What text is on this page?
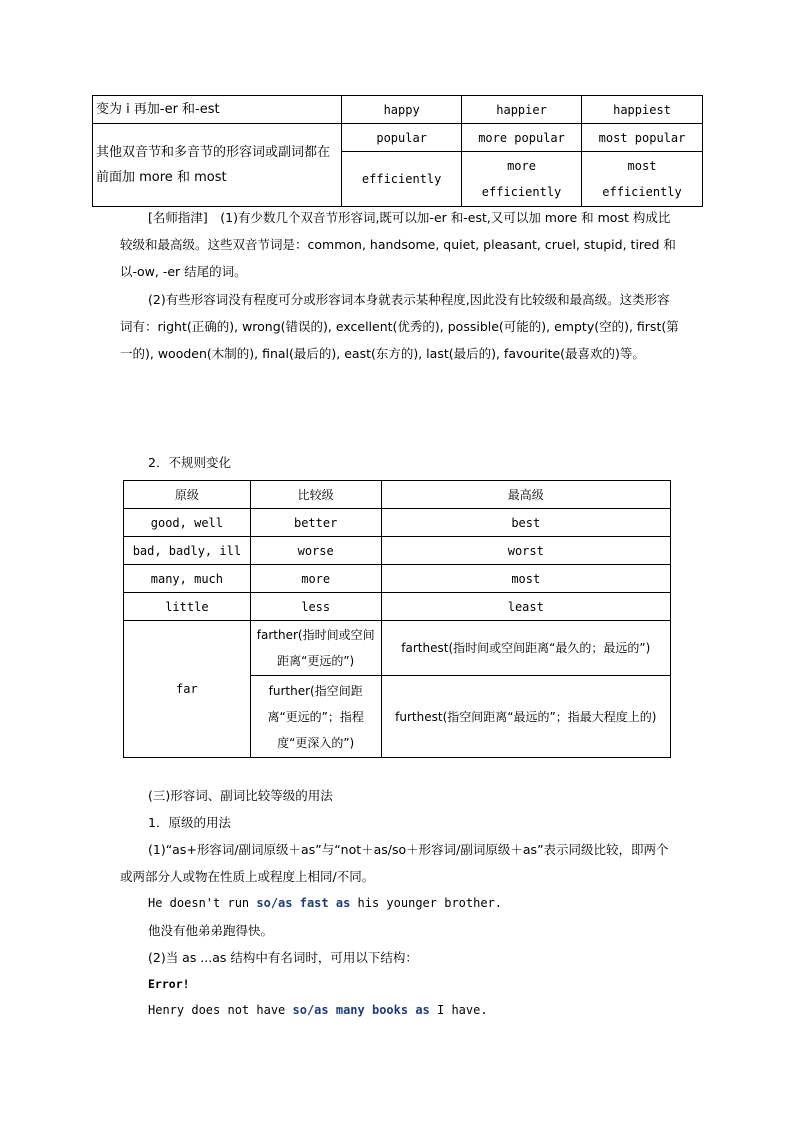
变为 i 再加-er 和-est	happy	happier	happiest
其他双音节和多音节的形容词或副词都在前面加 more 和 most	popular	more popular	most popular
	efficiently	more efficiently	most efficiently
[名师指津]　(1)有少数几个双音节形容词,既可以加-er 和-est,又可以加 more 和 most 构成比较级和最高级。这些双音节词是：common, handsome, quiet, pleasant, cruel, stupid, tired 和以-ow, -er 结尾的词。
(2)有些形容词没有程度可分或形容词本身就表示某种程度,因此没有比较级和最高级。这类形容词有：right(正确的), wrong(错误的), excellent(优秀的), possible(可能的), empty(空的), first(第一的), wooden(木制的), final(最后的), east(东方的), last(最后的), favourite(最喜欢的)等。
2．不规则变化
原级	比较级	最高级
good, well	better	best
bad, badly, ill	worse	worst
many, much	more	most
little	less	least
far	farther(指时间或空间距离“更远的”)	farthest(指时间或空间距离“最久的；最远的”)
	further(指空间距离“更远的”；指程度“更深入的”)	furthest(指空间距离“最远的”；指最大程度上的)
(三)形容词、副词比较等级的用法
1．原级的用法
(1)“as+形容词/副词原级＋as”与“not＋as/so＋形容词/副词原级＋as”表示同级比较，即两个或两部分人或物在性质上或程度上相同/不同。
He doesn't run so/as fast as his younger brother.
他没有他弟弟跑得快。
(2)当 as ...as 结构中有名词时，可用以下结构：
Error!
Henry does not have so/as many books as I have.
